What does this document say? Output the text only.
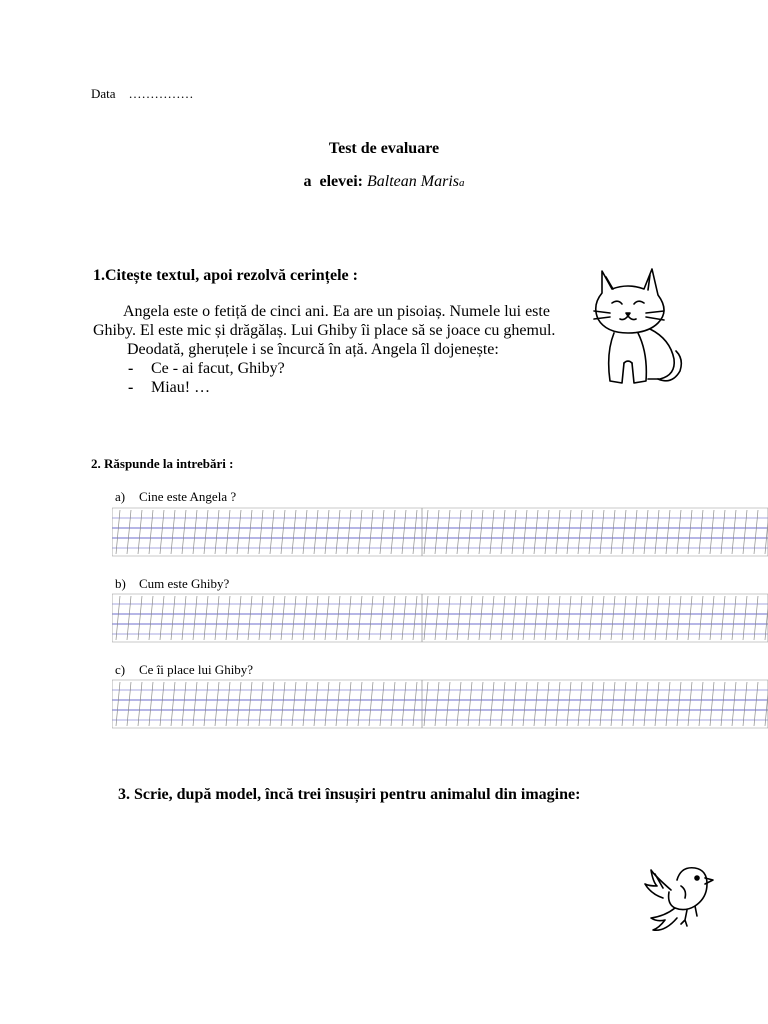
Data ……………
Test de evaluare
a elevei: Baltean Marisa
1.Citește textul, apoi rezolvă cerințele :

Angela este o fetiță de cinci ani. Ea are un pisoiaș. Numele lui este Ghiby. El este mic și drăgălaș. Lui Ghiby îi place să se joace cu ghemul.

Deodată, gheruțele i se încurcă în ață. Angela îl dojenește:

- Ce - ai facut, Ghiby?
- Miau! …
2. Răspunde la intrebări :
a) Cine este Angela ?
b) Cum este Ghiby?
c) Ce îi place lui Ghiby?
3. Scrie, după model, încă trei însușiri pentru animalul din imagine:
